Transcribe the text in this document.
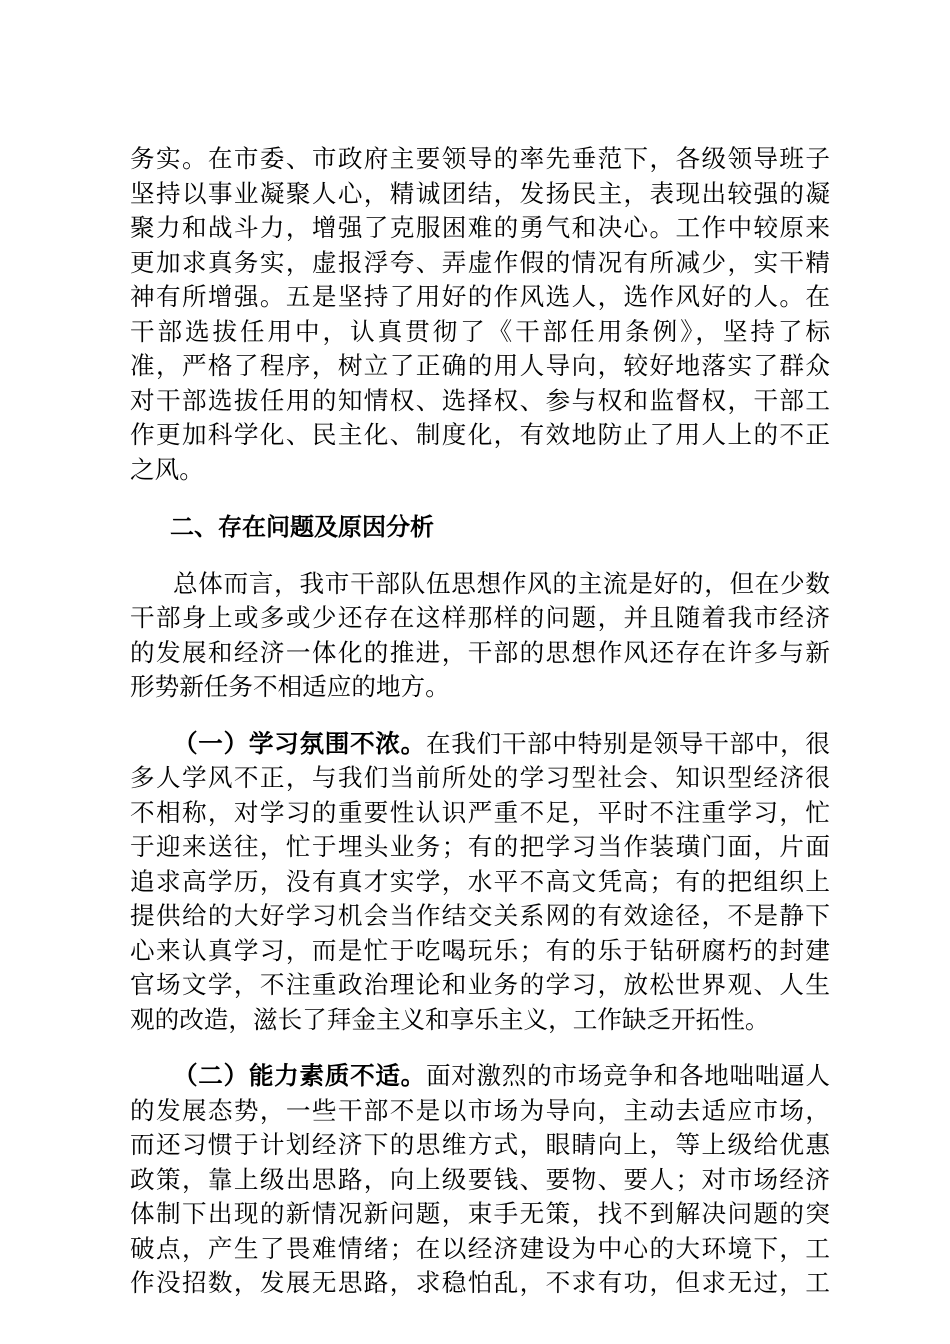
务实。在市委、市政府主要领导的率先垂范下，各级领导班子
坚持以事业凝聚人心，精诚团结，发扬民主，表现出较强的凝
聚力和战斗力，增强了克服困难的勇气和决心。工作中较原来
更加求真务实，虚报浮夸、弄虚作假的情况有所减少，实干精
神有所增强。五是坚持了用好的作风选人，选作风好的人。在
干部选拔任用中，认真贯彻了《干部任用条例》，坚持了标
准，严格了程序，树立了正确的用人导向，较好地落实了群众
对干部选拔任用的知情权、选择权、参与权和监督权，干部工
作更加科学化、民主化、制度化，有效地防止了用人上的不正
之风。
二、存在问题及原因分析
总体而言，我市干部队伍思想作风的主流是好的，但在少数
干部身上或多或少还存在这样那样的问题，并且随着我市经济
的发展和经济一体化的推进，干部的思想作风还存在许多与新
形势新任务不相适应的地方。
（一）学习氛围不浓。在我们干部中特别是领导干部中，很
多人学风不正，与我们当前所处的学习型社会、知识型经济很
不相称，对学习的重要性认识严重不足，平时不注重学习，忙
于迎来送往，忙于埋头业务；有的把学习当作装璜门面，片面
追求高学历，没有真才实学，水平不高文凭高；有的把组织上
提供给的大好学习机会当作结交关系网的有效途径，不是静下
心来认真学习，而是忙于吃喝玩乐；有的乐于钻研腐朽的封建
官场文学，不注重政治理论和业务的学习，放松世界观、人生
观的改造，滋长了拜金主义和享乐主义，工作缺乏开拓性。
（二）能力素质不适。面对激烈的市场竞争和各地咄咄逼人
的发展态势，一些干部不是以市场为导向，主动去适应市场，
而还习惯于计划经济下的思维方式，眼睛向上，等上级给优惠
政策，靠上级出思路，向上级要钱、要物、要人；对市场经济
体制下出现的新情况新问题，束手无策，找不到解决问题的突
破点，产生了畏难情绪；在以经济建设为中心的大环境下，工
作没招数，发展无思路，求稳怕乱，不求有功，但求无过，工
